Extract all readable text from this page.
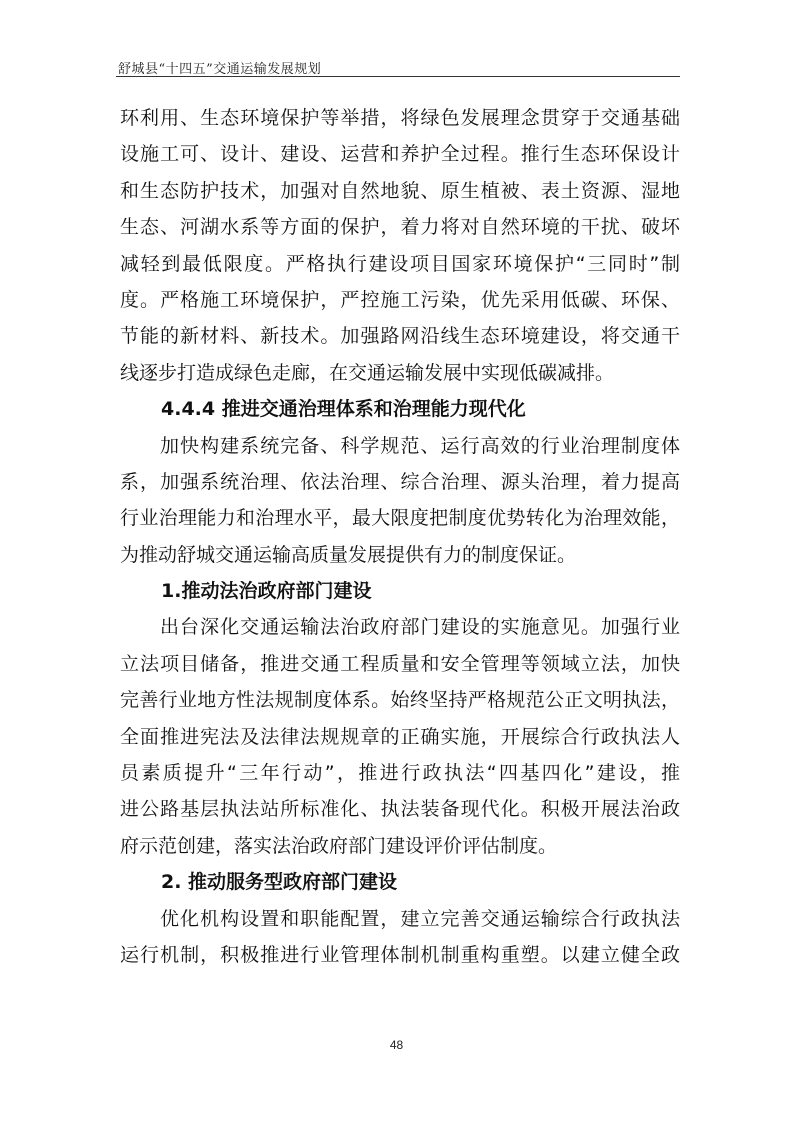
舒城县“十四五”交通运输发展规划
环利用、生态环境保护等举措，将绿色发展理念贯穿于交通基础
设施工可、设计、建设、运营和养护全过程。推行生态环保设计
和生态防护技术，加强对自然地貌、原生植被、表土资源、湿地
生态、河湖水系等方面的保护，着力将对自然环境的干扰、破坏
减轻到最低限度。严格执行建设项目国家环境保护“三同时”制
度。严格施工环境保护，严控施工污染，优先采用低碳、环保、
节能的新材料、新技术。加强路网沿线生态环境建设，将交通干
线逐步打造成绿色走廊，在交通运输发展中实现低碳减排。
4.4.4 推进交通治理体系和治理能力现代化
加快构建系统完备、科学规范、运行高效的行业治理制度体
系，加强系统治理、依法治理、综合治理、源头治理，着力提高
行业治理能力和治理水平，最大限度把制度优势转化为治理效能，
为推动舒城交通运输高质量发展提供有力的制度保证。
1.推动法治政府部门建设
出台深化交通运输法治政府部门建设的实施意见。加强行业
立法项目储备，推进交通工程质量和安全管理等领域立法，加快
完善行业地方性法规制度体系。始终坚持严格规范公正文明执法，
全面推进宪法及法律法规规章的正确实施，开展综合行政执法人
员素质提升“三年行动”，推进行政执法“四基四化”建设，推
进公路基层执法站所标准化、执法装备现代化。积极开展法治政
府示范创建，落实法治政府部门建设评价评估制度。
2. 推动服务型政府部门建设
优化机构设置和职能配置，建立完善交通运输综合行政执法
运行机制，积极推进行业管理体制机制重构重塑。以建立健全政
48
